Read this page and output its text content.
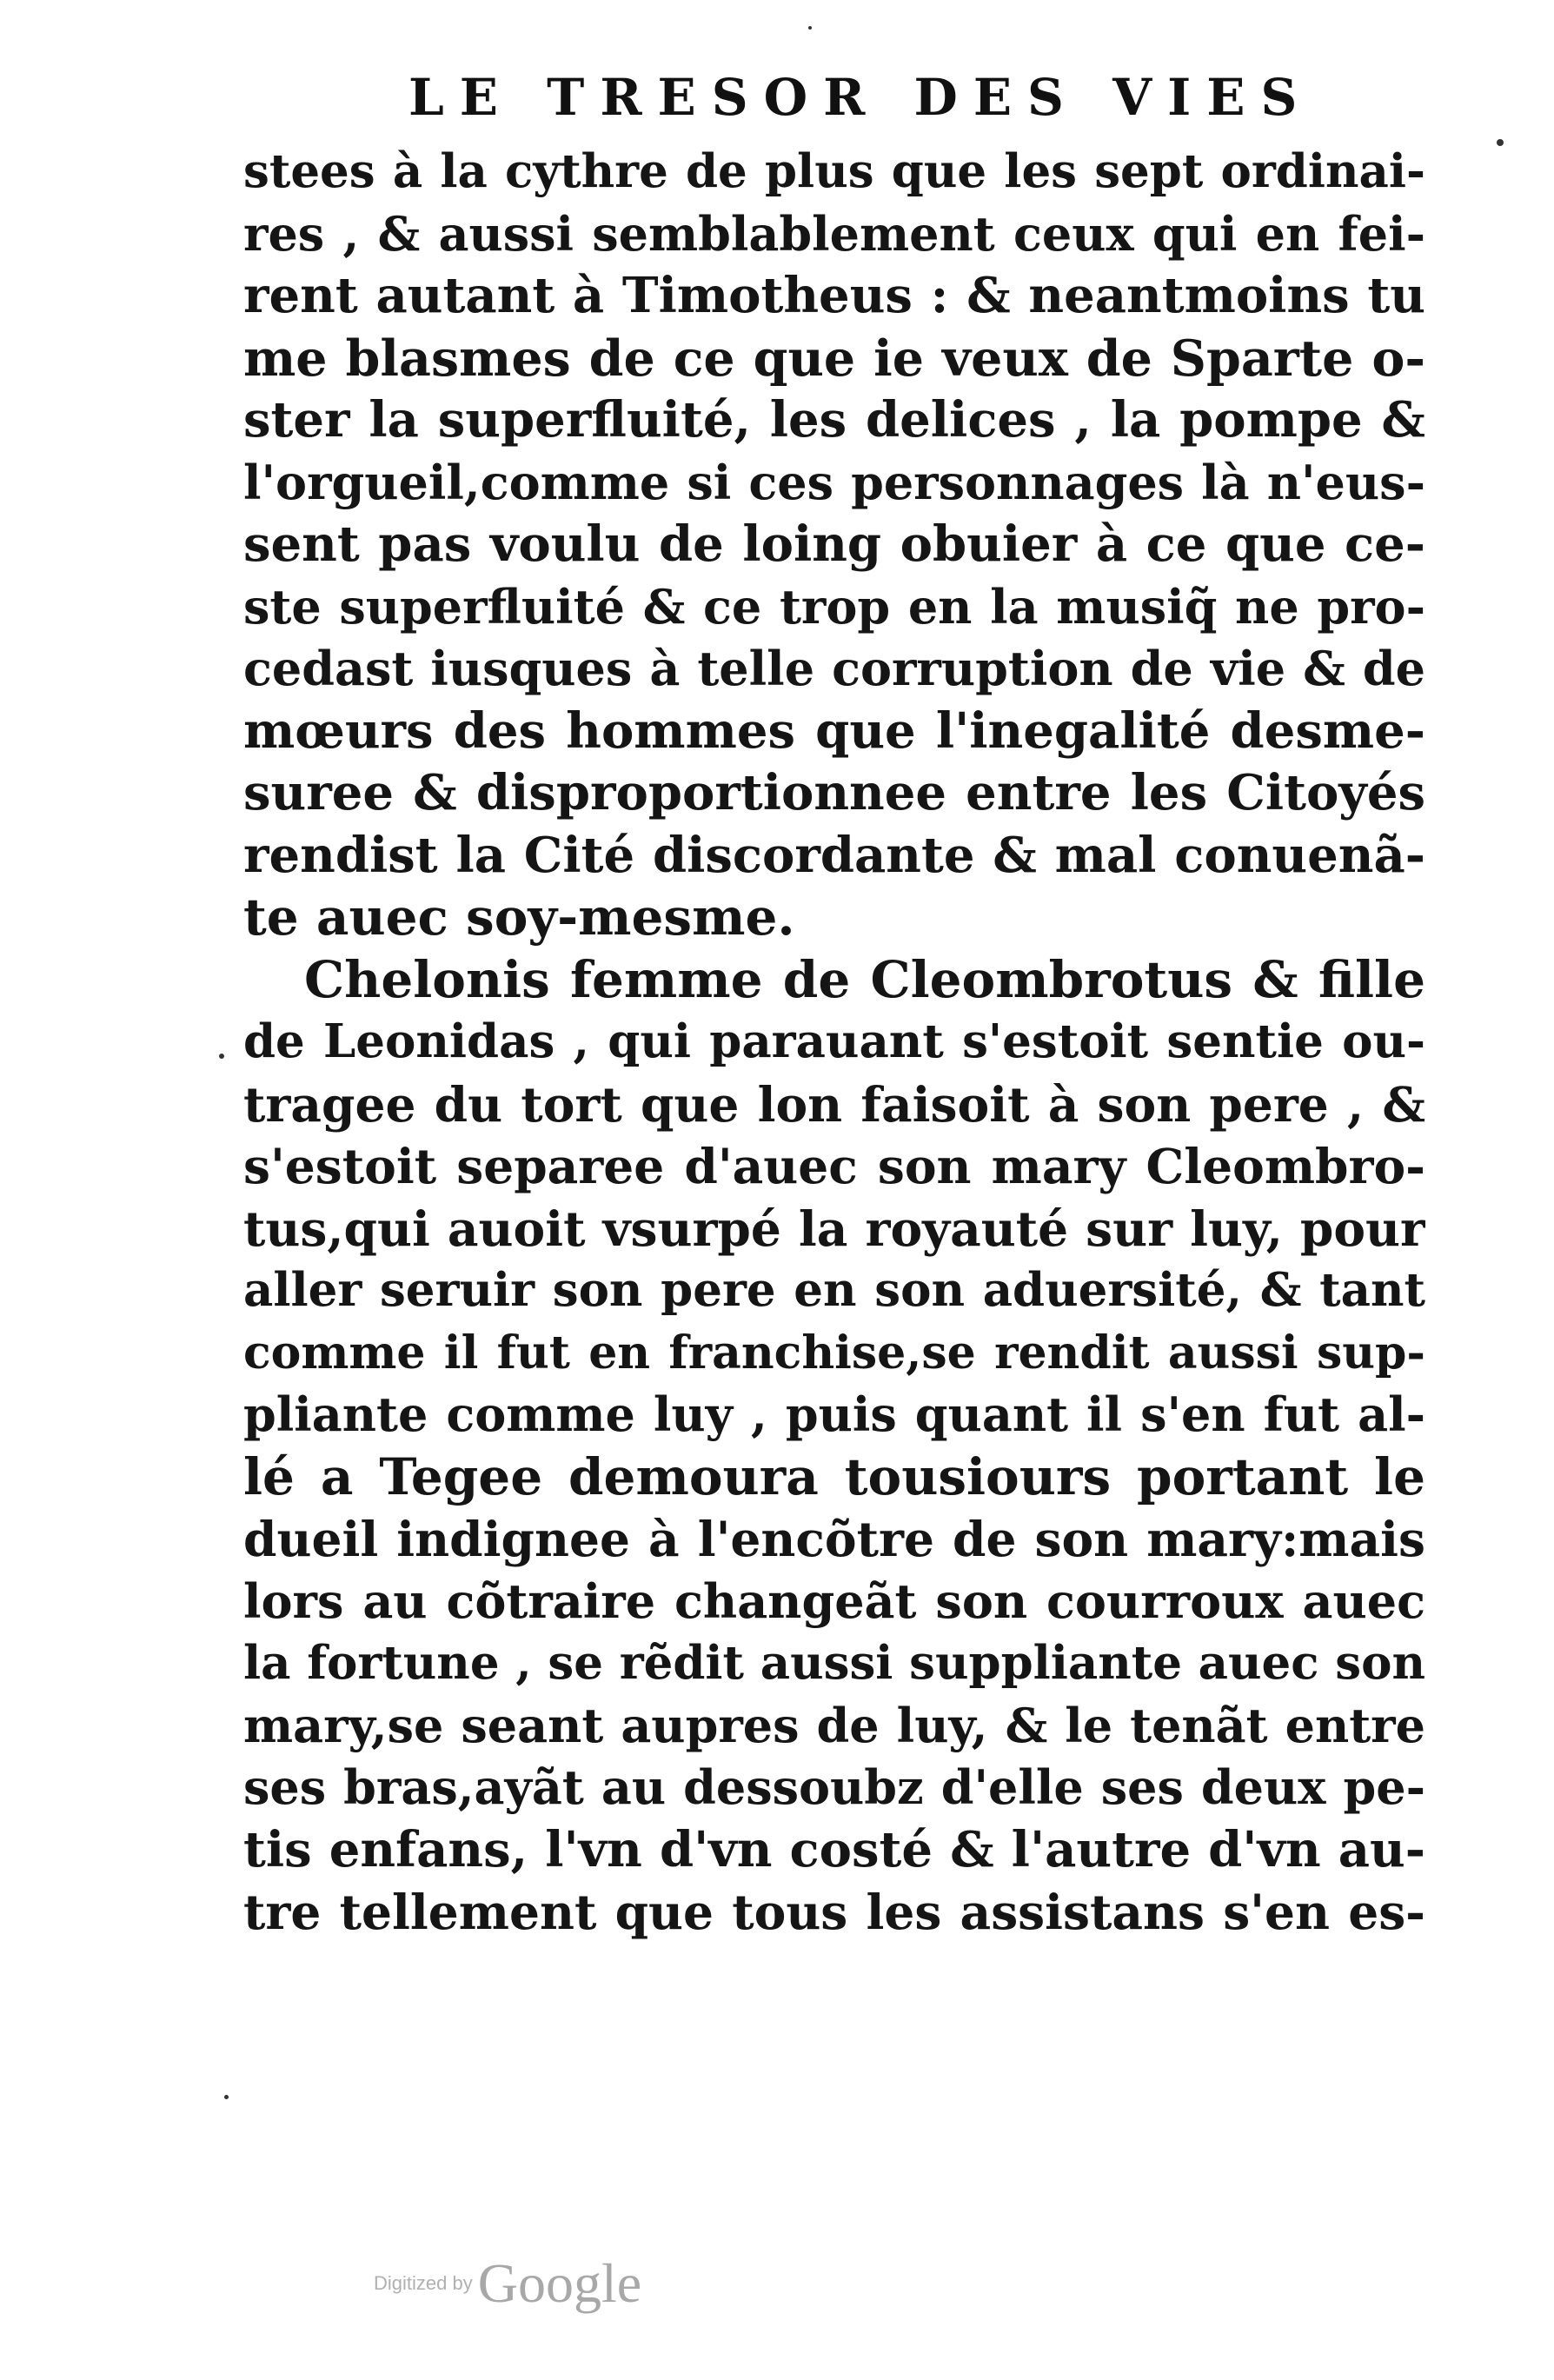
LE TRESOR DES VIES
stees à la cythre de plus que les sept ordinai-
res , & aussi semblablement ceux qui en fei-
rent autant à Timotheus : & neantmoins tu
me blasmes de ce que ie veux de Sparte o-
ster la superfluité, les delices , la pompe &
l'orgueil,comme si ces personnages là n'eus-
sent pas voulu de loing obuier à ce que ce-
ste superfluité & ce trop en la musiq̃ ne pro-
cedast iusques à telle corruption de vie & de
mœurs des hommes que l'inegalité desme-
suree & disproportionnee entre les Citoyés
rendist la Cité discordante & mal conuenã-
te auec soy-mesme.
Chelonis femme de Cleombrotus & fille
de Leonidas , qui parauant s'estoit sentie ou-
tragee du tort que lon faisoit à son pere , &
s'estoit separee d'auec son mary Cleombro-
tus,qui auoit vsurpé la royauté sur luy, pour
aller seruir son pere en son aduersité, & tant
comme il fut en franchise,se rendit aussi sup-
pliante comme luy , puis quant il s'en fut al-
lé a Tegee demoura tousiours portant le
dueil indignee à l'encõtre de son mary:mais
lors au cõtraire changeãt son courroux auec
la fortune , se rẽdit aussi suppliante auec son
mary,se seant aupres de luy, & le tenãt entre
ses bras,ayãt au dessoubz d'elle ses deux pe-
tis enfans, l'vn d'vn costé & l'autre d'vn au-
tre tellement que tous les assistans s'en es-
Digitized byGoogle
